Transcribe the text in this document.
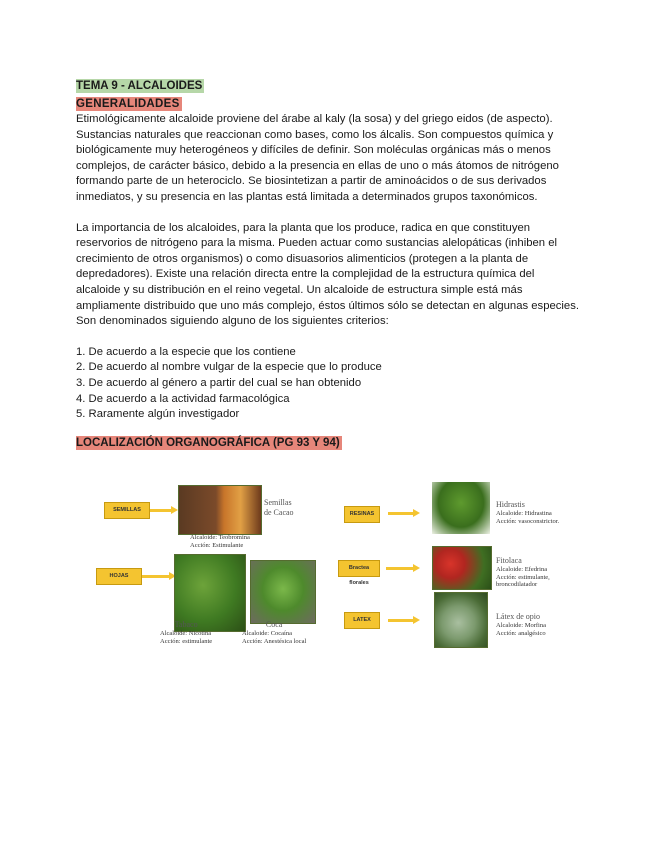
TEMA 9 - ALCALOIDES
GENERALIDADES

Etimológicamente alcaloide proviene del árabe al kaly (la sosa) y del griego eidos (de aspecto). Sustancias naturales que reaccionan como bases, como los álcalis. Son compuestos química y biológicamente muy heterogéneos y difíciles de definir. Son moléculas orgánicas más o menos complejos, de carácter básico, debido a la presencia en ellas de uno o más átomos de nitrógeno formando parte de un heterociclo. Se biosintetizan a partir de aminoácidos o de sus derivados inmediatos, y su presencia en las plantas está limitada a determinados grupos taxonómicos.

La importancia de los alcaloides, para la planta que los produce, radica en que constituyen reservorios de nitrógeno para la misma. Pueden actuar como sustancias alelopáticas (inhiben el crecimiento de otros organismos) o como disuasorios alimenticios (protegen a la planta de depredadores). Existe una relación directa entre la complejidad de la estructura química del alcaloide y su distribución en el reino vegetal. Un alcaloide de estructura simple está más ampliamente distribuido que uno más complejo, éstos últimos sólo se detectan en algunas especies. Son denominados siguiendo alguno de los siguientes criterios:

1. De acuerdo a la especie que los contiene
2. De acuerdo al nombre vulgar de la especie que lo produce
3. De acuerdo al género a partir del cual se han obtenido
4. De acuerdo a la actividad farmacológica
5. Raramente algún investigador
LOCALIZACIÓN ORGANOGRÁFICA (PG 93 Y 94)
SEMILLAS
Semillas
de Cacao
Alcaloide: Teobromina
Acción: Estimulante
HOJAS
Tabaco
Alcaloide: Nicotina
Acción: estimulante
Coca
Alcaloide: Cocaína
Acción: Anestésica local
RESINAS
Hidrastis
Alcaloide: Hidrastina
Acción: vasoconstrictor.
Bractea florales
Fitolaca
Alcaloide: Efedrina
Acción: estimulante, broncodilatador
LATEX	Látex de opio
Alcaloide: Morfina
Acción: analgésico
